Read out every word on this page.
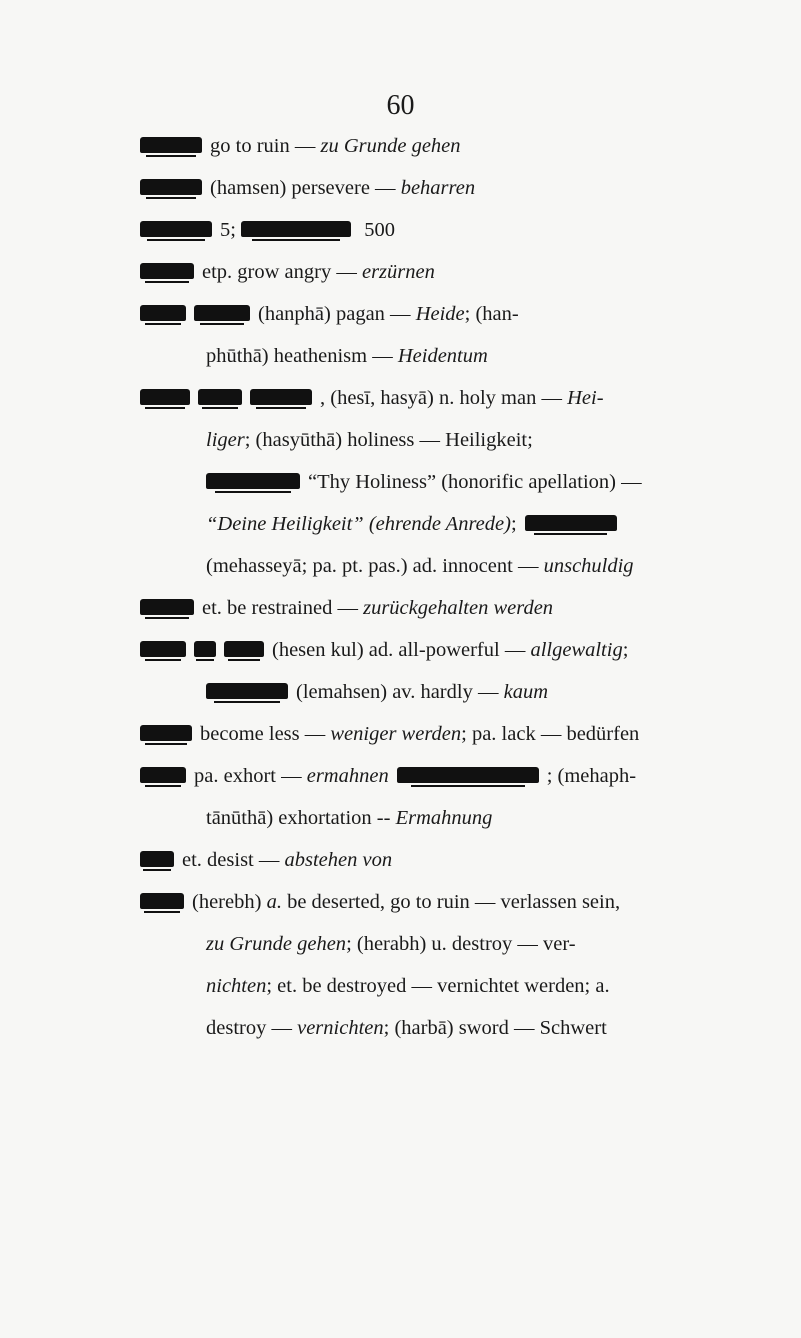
60
go to ruin — zu Grunde gehen
(hamsen) persevere — beharren
5;	500
etp. grow angry — erzürnen
(hanphā) pagan — Heide; (han-
phūthā) heathenism — Heidentum
, (hesī, hasyā) n. holy man — Hei-
liger; (hasyūthā) holiness — Heiligkeit;
“Thy Holiness” (honorific apellation) —
“Deine Heiligkeit” (ehrende Anrede);
(mehasseyā; pa. pt. pas.) ad. innocent — unschuldig
et. be restrained — zurückgehalten werden
(hesen kul) ad. all-powerful — allgewaltig;
(lemahsen) av. hardly — kaum
become less — weniger werden; pa. lack — bedürfen
pa. exhort — ermahnen	; (mehaph-
tānūthā) exhortation -- Ermahnung
et. desist — abstehen von
(herebh) a. be deserted, go to ruin — verlassen sein,
zu Grunde gehen; (herabh) u. destroy — ver-
nichten; et. be destroyed — vernichtet werden; a.
destroy — vernichten; (harbā) sword — Schwert
